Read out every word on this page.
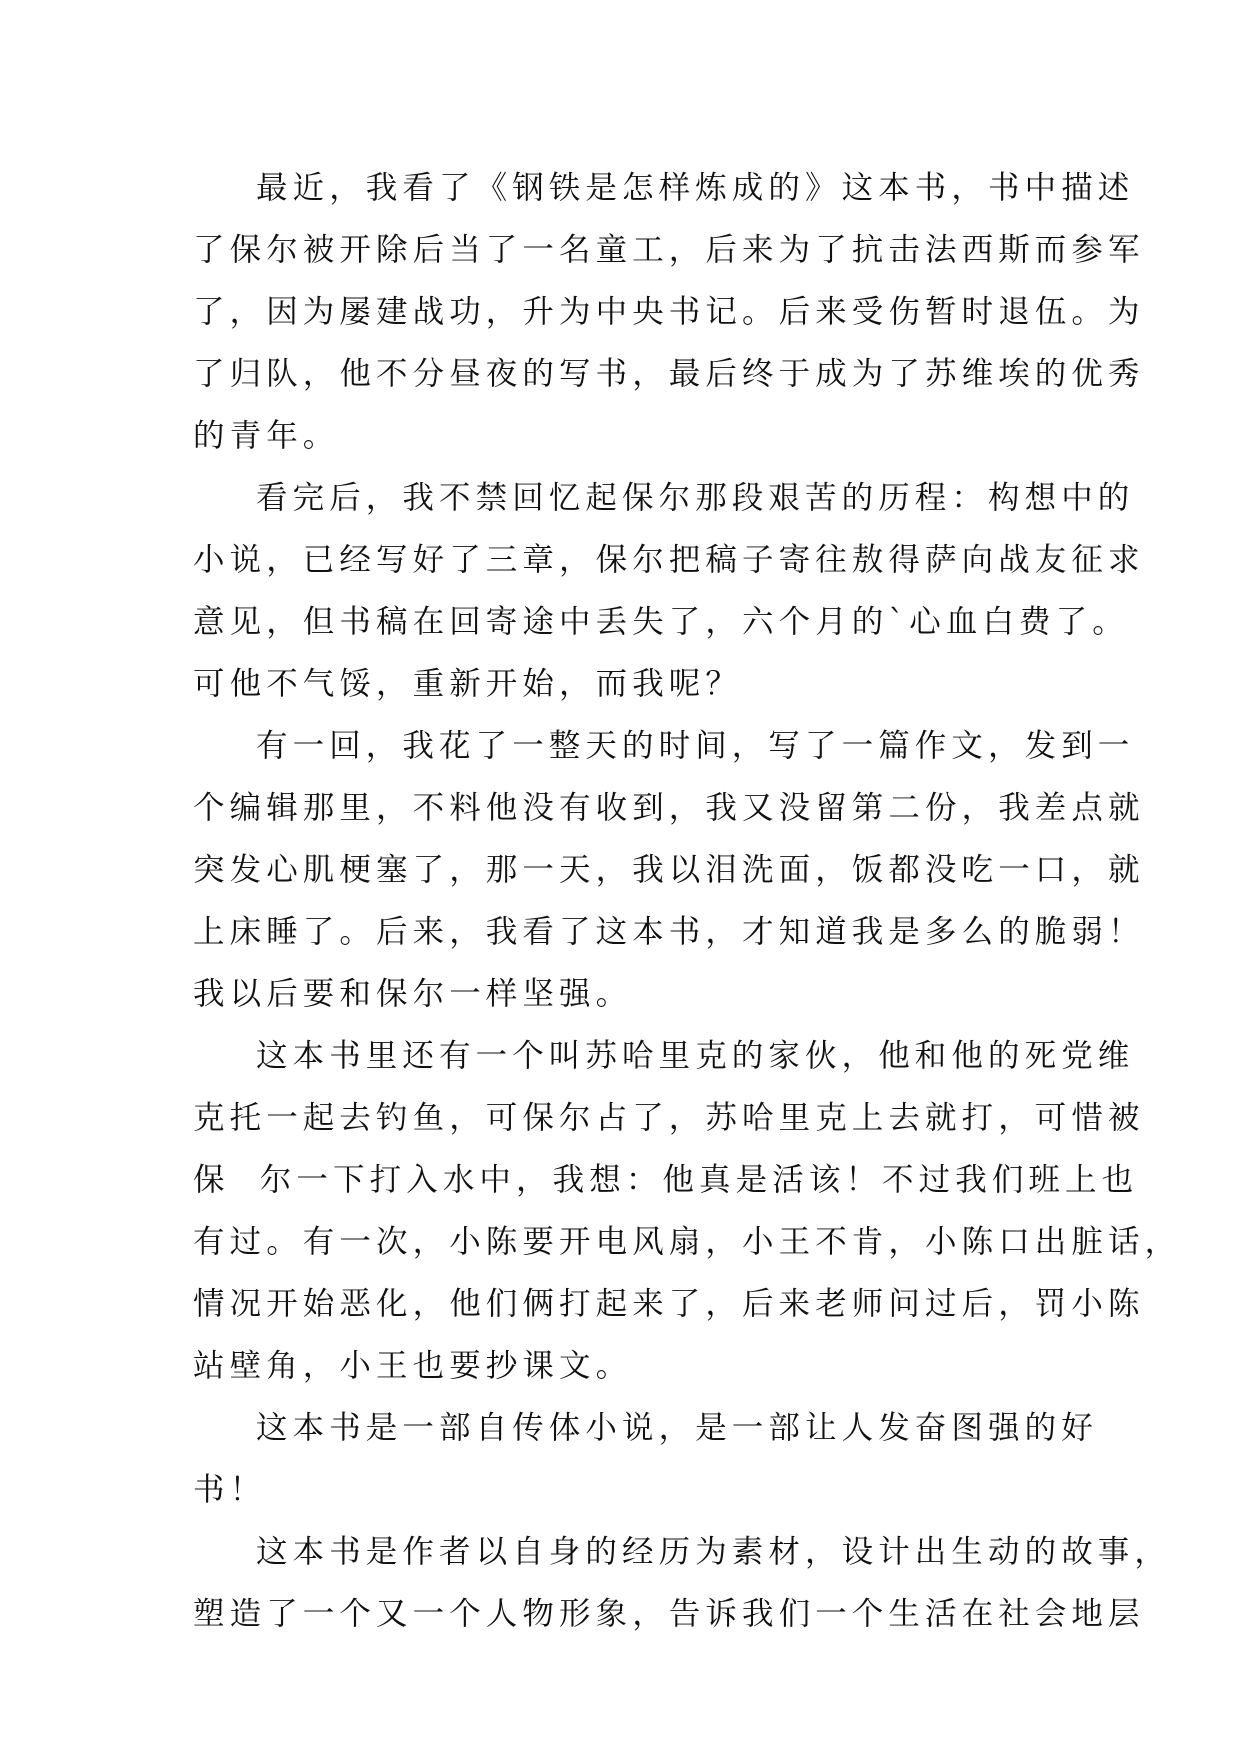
最近，我看了《钢铁是怎样炼成的》这本书，书中描述
了保尔被开除后当了一名童工，后来为了抗击法西斯而参军
了，因为屡建战功，升为中央书记。后来受伤暂时退伍。为
了归队，他不分昼夜的写书，最后终于成为了苏维埃的优秀
的青年。
看完后，我不禁回忆起保尔那段艰苦的历程：构想中的
小说，已经写好了三章，保尔把稿子寄往敖得萨向战友征求
意见，但书稿在回寄途中丢失了，六个月的`心血白费了。
可他不气馁，重新开始，而我呢？
有一回，我花了一整天的时间，写了一篇作文，发到一
个编辑那里，不料他没有收到，我又没留第二份，我差点就
突发心肌梗塞了，那一天，我以泪洗面，饭都没吃一口，就
上床睡了。后来，我看了这本书，才知道我是多么的脆弱！
我以后要和保尔一样坚强。
这本书里还有一个叫苏哈里克的家伙，他和他的死党维
克托一起去钓鱼，可保尔占了，苏哈里克上去就打，可惜被
保  尔一下打入水中，我想：他真是活该！不过我们班上也
有过。有一次，小陈要开电风扇，小王不肯，小陈口出脏话，
情况开始恶化，他们俩打起来了，后来老师问过后，罚小陈
站壁角，小王也要抄课文。
这本书是一部自传体小说，是一部让人发奋图强的好
书！
这本书是作者以自身的经历为素材，设计出生动的故事，
塑造了一个又一个人物形象，告诉我们一个生活在社会地层
